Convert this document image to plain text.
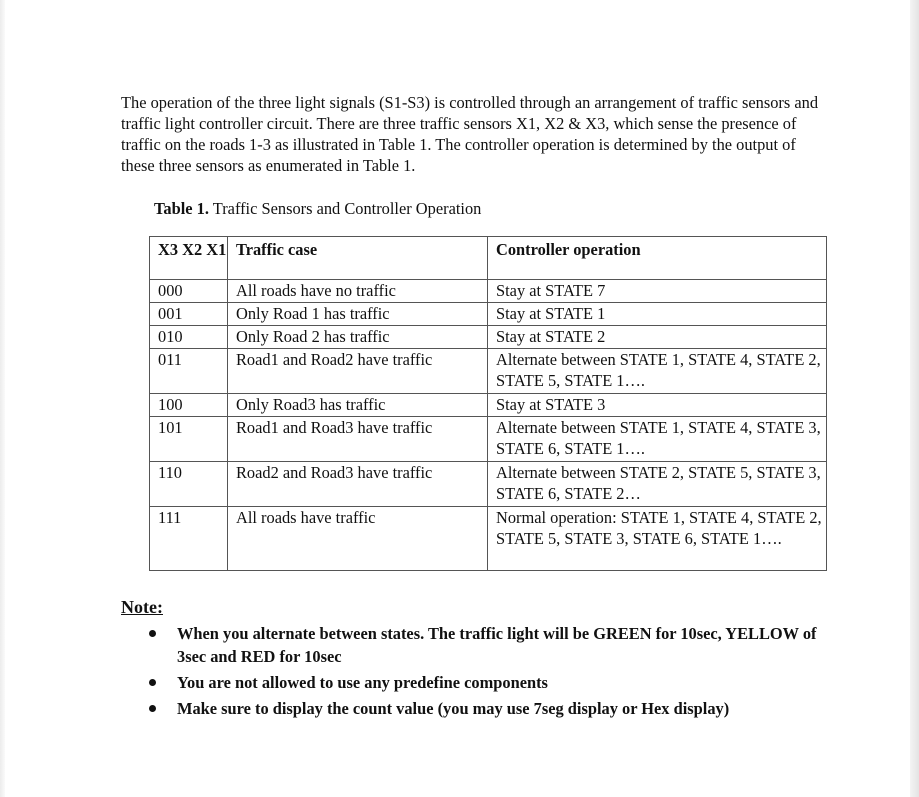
The operation of the three light signals (S1-S3) is controlled through an arrangement of traffic sensors and traffic light controller circuit. There are three traffic sensors X1, X2 & X3, which sense the presence of traffic on the roads 1-3 as illustrated in Table 1. The controller operation is determined by the output of these three sensors as enumerated in Table 1.

Table 1. Traffic Sensors and Controller Operation

X3 X2 X1	Traffic case	Controller operation
000	All roads have no traffic	Stay at STATE 7
001	Only Road 1 has traffic	Stay at STATE 1
010	Only Road 2 has traffic	Stay at STATE 2
011	Road1 and Road2 have traffic	Alternate between STATE 1, STATE 4, STATE 2, STATE 5, STATE 1….
100	Only Road3 has traffic	Stay at STATE 3
101	Road1 and Road3 have traffic	Alternate between STATE 1, STATE 4, STATE 3, STATE 6, STATE 1….
110	Road2 and Road3 have traffic	Alternate between STATE 2, STATE 5, STATE 3, STATE 6, STATE 2…
111	All roads have traffic	Normal operation: STATE 1, STATE 4, STATE 2, STATE 5, STATE 3, STATE 6, STATE 1….

Note:

When you alternate between states. The traffic light will be GREEN for 10sec, YELLOW of 3sec and RED for 10sec
You are not allowed to use any predefine components
Make sure to display the count value (you may use 7seg display or Hex display)
